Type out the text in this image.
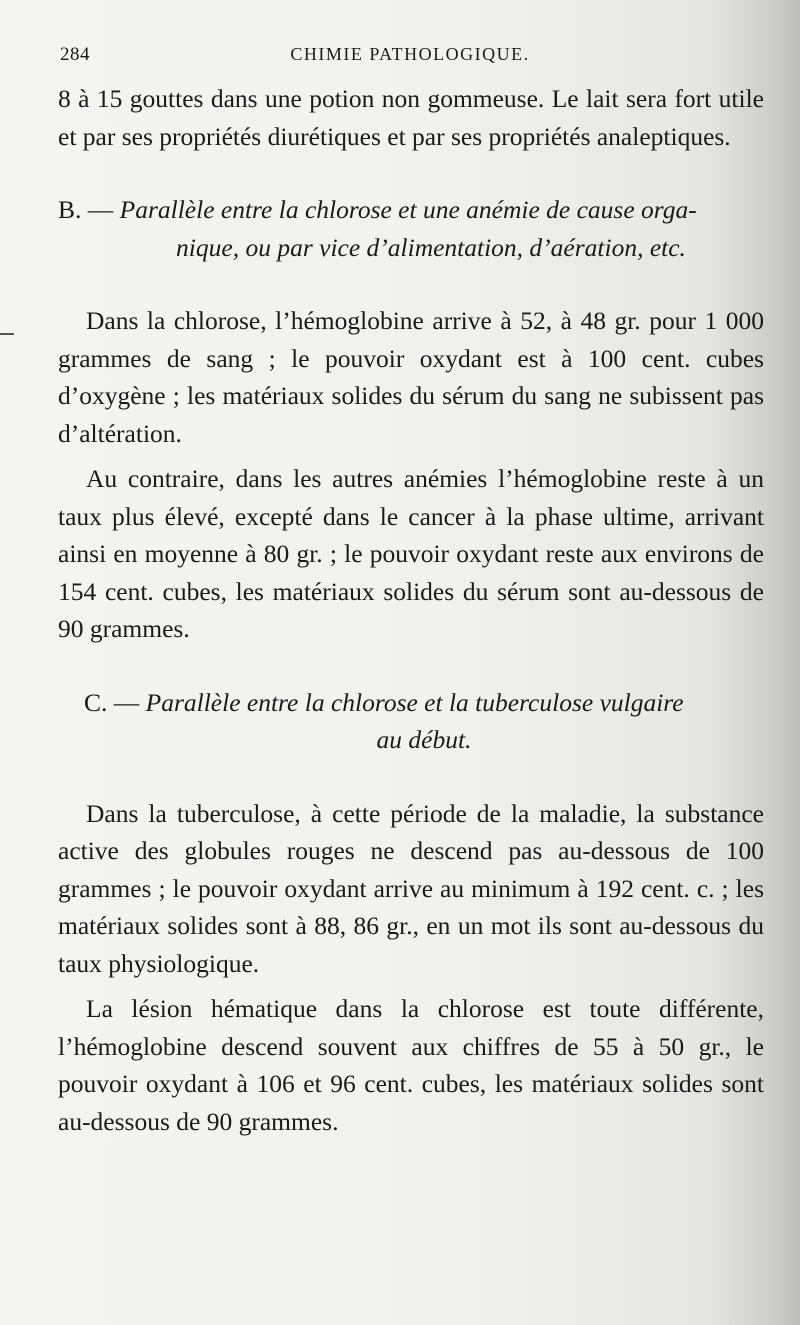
284	CHIMIE PATHOLOGIQUE.

8 à 15 gouttes dans une potion non gommeuse. Le lait sera fort utile et par ses propriétés diurétiques et par ses propriétés analeptiques.

B. — Parallèle entre la chlorose et une anémie de cause orga-
nique, ou par vice d’alimentation, d’aération, etc.

Dans la chlorose, l’hémoglobine arrive à 52, à 48 gr. pour 1 000 grammes de sang ; le pouvoir oxydant est à 100 cent. cubes d’oxygène ; les matériaux solides du sérum du sang ne subissent pas d’altération.

Au contraire, dans les autres anémies l’hémoglobine reste à un taux plus élevé, excepté dans le cancer à la phase ultime, arrivant ainsi en moyenne à 80 gr. ; le pouvoir oxydant reste aux environs de 154 cent. cubes, les matériaux solides du sérum sont au-dessous de 90 grammes.

C. — Parallèle entre la chlorose et la tuberculose vulgaire
au début.

Dans la tuberculose, à cette période de la maladie, la substance active des globules rouges ne descend pas au-dessous de 100 grammes ; le pouvoir oxydant arrive au minimum à 192 cent. c. ; les matériaux solides sont à 88, 86 gr., en un mot ils sont au-dessous du taux physiologique.

La lésion hématique dans la chlorose est toute différente, l’hémoglobine descend souvent aux chiffres de 55 à 50 gr., le pouvoir oxydant à 106 et 96 cent. cubes, les matériaux solides sont au-dessous de 90 grammes.
